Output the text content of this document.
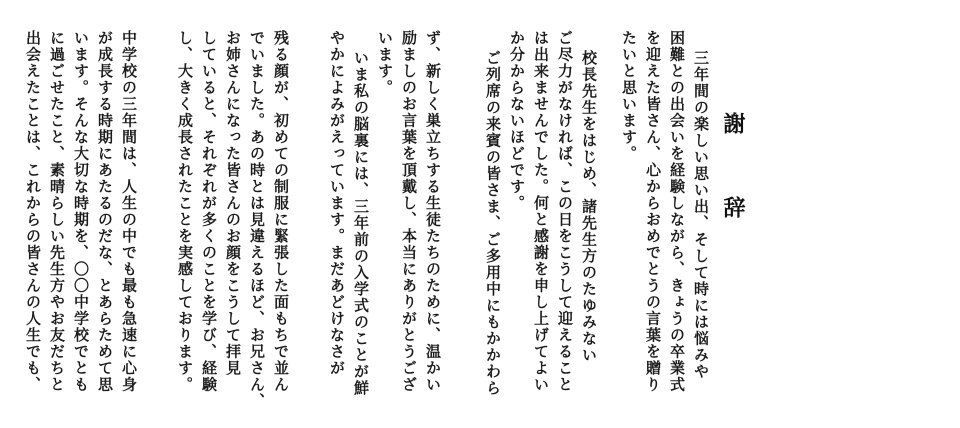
謝 辞
三年間の楽しい思い出、そして時には悩みや
困難との出会いを経験しながら、きょうの卒業式
を迎えた皆さん、心からおめでとうの言葉を贈り
たいと思います。
校長先生をはじめ、諸先生方のたゆみない
ご尽力がなければ、この日をこうして迎えること
は出来ませんでした。何と感謝を申し上げてよい
か分からないほどです。
ご列席の来賓の皆さま、ご多用中にもかかわら
ず、新しく巣立ちする生徒たちのために、温かい
励ましのお言葉を頂戴し、本当にありがとうござ
います。
いま私の脳裏には、三年前の入学式のことが鮮
やかによみがえっています。まだあどけなさが
残る顔が、初めての制服に緊張した面もちで並ん
でいました。あの時とは見違えるほど、お兄さん、
お姉さんになった皆さんのお顔をこうして拝見
していると、それぞれが多くのことを学び、経験
し、大きく成長されたことを実感しております。
中学校の三年間は、人生の中でも最も急速に心身
が成長する時期にあたるのだな、とあらためて思
います。そんな大切な時期を、〇〇中学校でとも
に過ごせたこと、素晴らしい先生方やお友だちと
出会えたことは、これからの皆さんの人生でも、
